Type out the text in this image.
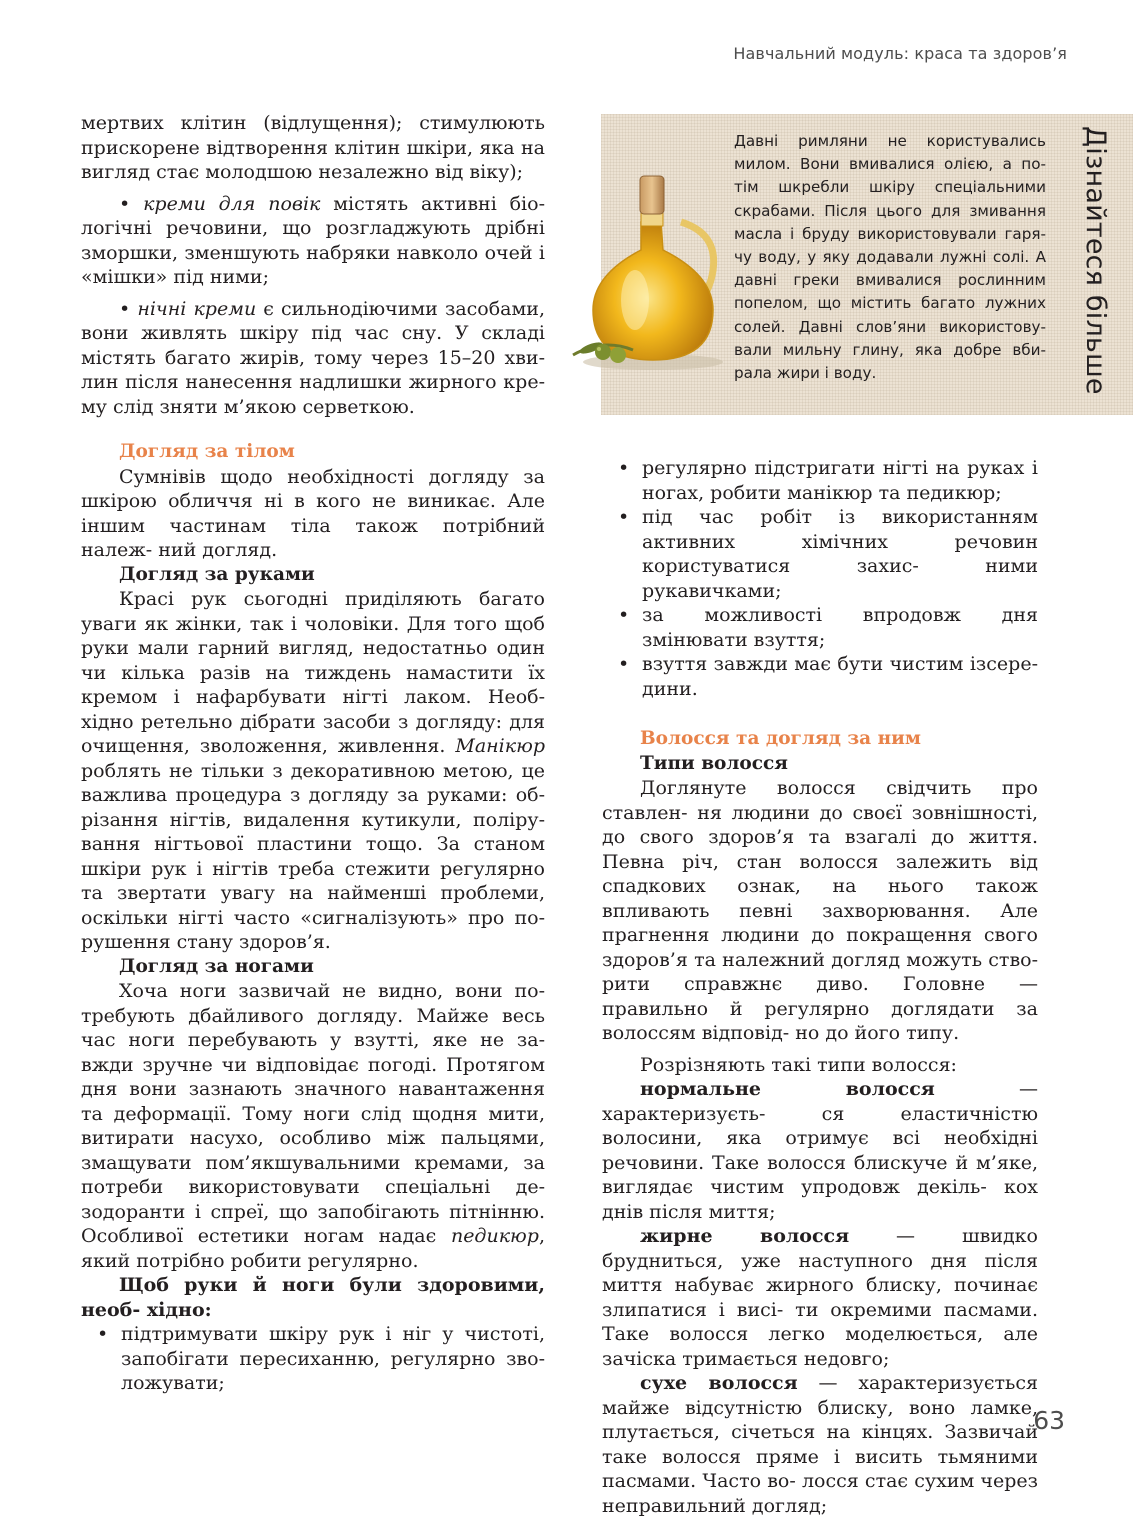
Навчальний модуль: краса та здоров’я
Давні римляни не користувались милом. Вони вмивалися олією, а по- тім шкребли шкіру спеціальними скрабами. Після цього для змивання масла і бруду використовували гаря- чу воду, у яку додавали лужні солі. А давні греки вмивалися рослинним попелом, що містить багато лужних солей. Давні слов’яни використову- вали мильну глину, яка добре вби- рала жири і воду.	Дізнайтеся більше

мертвих клітин (відлущення); стимулюють прискорене відтворення клітин шкіри, яка на вигляд стає молодшою незалежно від віку);

• креми для повік містять активні біо- логічні речовини, що розгладжують дрібні зморшки, зменшують набряки навколо очей і «мішки» під ними;

• нічні креми є сильнодіючими засобами, вони живлять шкіру під час сну. У складі містять багато жирів, тому через 15–20 хви- лин після нанесення надлишки жирного кре- му слід зняти м’якою серветкою.

Догляд за тілом

Сумнівів щодо необхідності догляду за шкірою обличчя ні в кого не виникає. Але іншим частинам тіла також потрібний належ- ний догляд.

Догляд за руками

Красі рук сьогодні приділяють багато уваги як жінки, так і чоловіки. Для того щоб руки мали гарний вигляд, недостатньо один чи кілька разів на тиждень намастити їх кремом і нафарбувати нігті лаком. Необ- хідно ретельно дібрати засоби з догляду: для очищення, зволоження, живлення. Манікюр роблять не тільки з декоративною метою, це важлива процедура з догляду за руками: об- різання нігтів, видалення кутикули, поліру- вання нігтьової пластини тощо. За станом шкіри рук і нігтів треба стежити регулярно та звертати увагу на найменші проблеми, оскільки нігті часто «сигналізують» про по- рушення стану здоров’я.

Догляд за ногами

Хоча ноги зазвичай не видно, вони по- требують дбайливого догляду. Майже весь час ноги перебувають у взутті, яке не за- вжди зручне чи відповідає погоді. Протягом дня вони зазнають значного навантаження та деформації. Тому ноги слід щодня мити, витирати насухо, особливо між пальцями, змащувати пом’якшувальними кремами, за потреби використовувати спеціальні де- зодоранти і спреї, що запобігають пітнінню. Особливої естетики ногам надає педикюр, який потрібно робити регулярно.

Щоб руки й ноги були здоровими, необ- хідно:

• підтримувати шкіру рук і ніг у чистоті, запобігати пересиханню, регулярно зво- ложувати;

• регулярно підстригати нігті на руках і ногах, робити манікюр та педикюр;

• під час робіт із використанням активних хімічних речовин користуватися захис- ними рукавичками;

• за можливості впродовж дня змінювати взуття;

• взуття завжди має бути чистим ізсере- дини.

Волосся та догляд за ним

Типи волосся

Доглянуте волосся свідчить про ставлен- ня людини до своєї зовнішності, до свого здоров’я та взагалі до життя. Певна річ, стан волосся залежить від спадкових ознак, на нього також впливають певні захворювання. Але прагнення людини до покращення свого здоров’я та належний догляд можуть ство- рити справжнє диво. Головне — правильно й регулярно доглядати за волоссям відповід- но до його типу.

Розрізняють такі типи волосся:

нормальне волосся — характеризуєть- ся еластичністю волосини, яка отримує всі необхідні речовини. Таке волосся блискуче й м’яке, виглядає чистим упродовж декіль- кох днів після миття;

жирне волосся — швидко брудниться, уже наступного дня після миття набуває жирного блиску, починає злипатися і висі- ти окремими пасмами. Таке волосся легко моделюється, але зачіска тримається недовго;

сухе волосся — характеризується майже відсутністю блиску, воно ламке, плутається, січеться на кінцях. Зазвичай таке волосся пряме і висить тьмяними пасмами. Часто во- лосся стає сухим через неправильний догляд;

63
